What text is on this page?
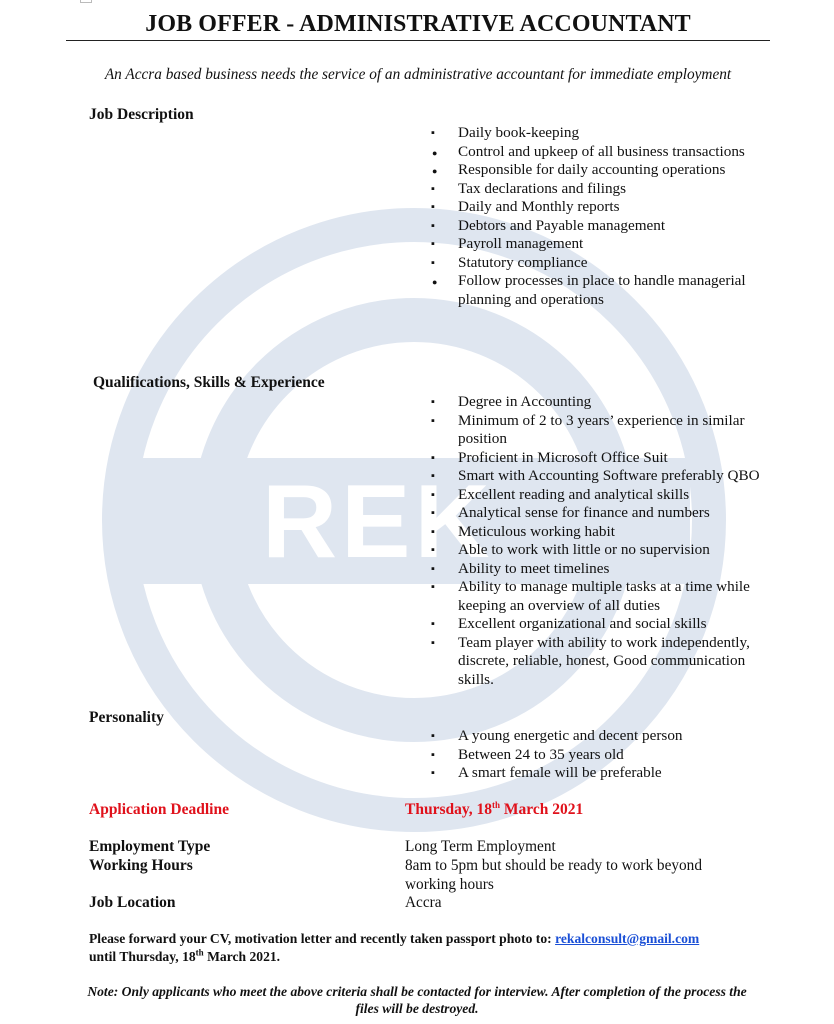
REK
JOB OFFER - ADMINISTRATIVE ACCOUNTANT
An Accra based business needs the service of an administrative accountant for immediate employment
Job Description
▪ Daily book-keeping
● Control and upkeep of all business transactions
● Responsible for daily accounting operations
▪ Tax declarations and filings
▪ Daily and Monthly reports
▪ Debtors and Payable management
▪ Payroll management
▪ Statutory compliance
● Follow processes in place to handle managerial planning and operations
Qualifications, Skills & Experience
▪ Degree in Accounting
▪ Minimum of 2 to 3 years’ experience in similar position
▪ Proficient in Microsoft Office Suit
▪ Smart with Accounting Software preferably QBO
▪ Excellent reading and analytical skills
▪ Analytical sense for finance and numbers
▪ Meticulous working habit
▪ Able to work with little or no supervision
▪ Ability to meet timelines
▪ Ability to manage multiple tasks at a time while keeping an overview of all duties
▪ Excellent organizational and social skills
▪ Team player with ability to work independently, discrete, reliable, honest, Good communication skills.
Personality
▪ A young energetic and decent person
▪ Between 24 to 35 years old
▪ A smart female will be preferable
Application Deadline	Thursday, 18th March 2021
Employment Type	Long Term Employment
Working Hours	8am to 5pm but should be ready to work beyond working hours
Job Location	Accra
Please forward your CV, motivation letter and recently taken passport photo to: rekalconsult@gmail.com
until Thursday, 18th March 2021.
Note: Only applicants who meet the above criteria shall be contacted for interview. After completion of the process the files will be destroyed.
